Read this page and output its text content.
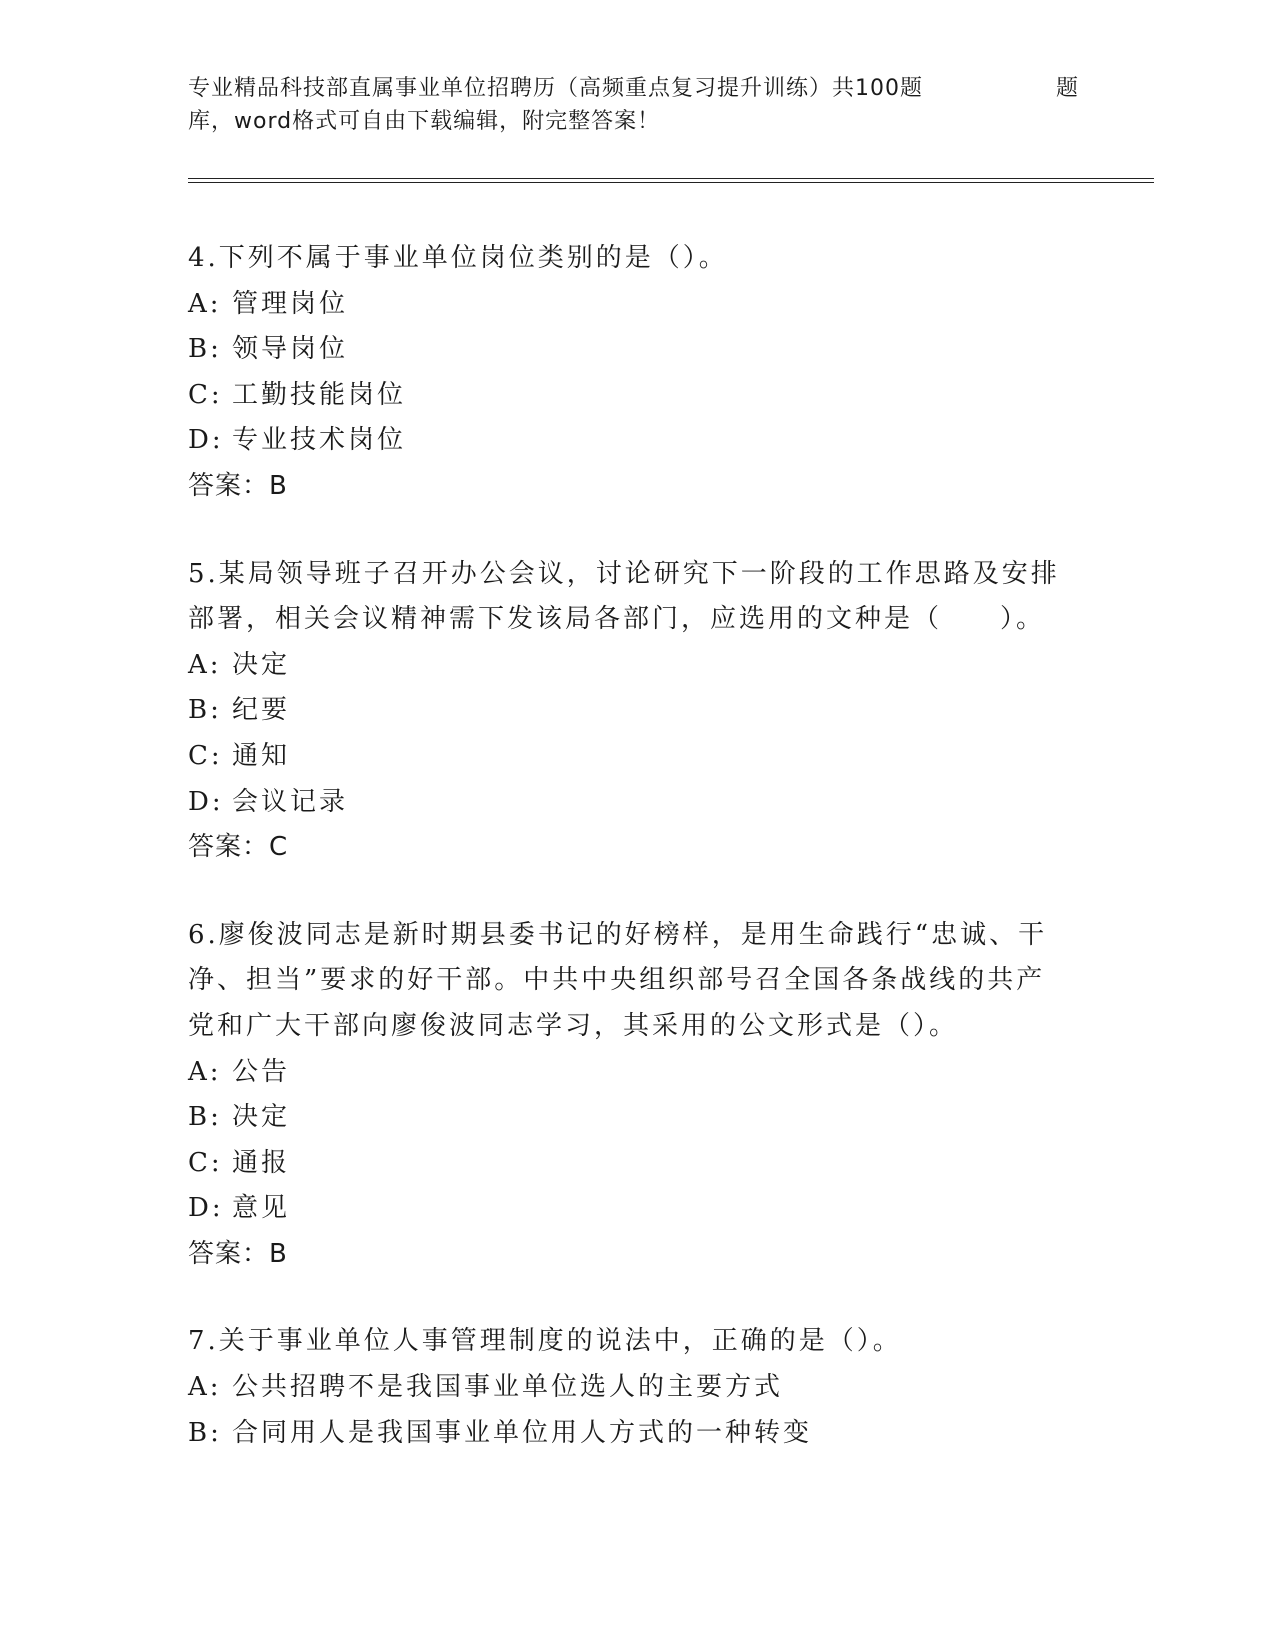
专业精品科技部直属事业单位招聘历（高频重点复习提升训练）共100题	题
库，word格式可自由下载编辑，附完整答案！
4.下列不属于事业单位岗位类别的是（）。
A: 管理岗位
B: 领导岗位
C: 工勤技能岗位
D: 专业技术岗位
答案：B
5.某局领导班子召开办公会议，讨论研究下一阶段的工作思路及安排
部署，相关会议精神需下发该局各部门，应选用的文种是（　　）。
A: 决定
B: 纪要
C: 通知
D: 会议记录
答案：C
6.廖俊波同志是新时期县委书记的好榜样，是用生命践行“忠诚、干
净、担当”要求的好干部。中共中央组织部号召全国各条战线的共产
党和广大干部向廖俊波同志学习，其采用的公文形式是（）。
A: 公告
B: 决定
C: 通报
D: 意见
答案：B
7.关于事业单位人事管理制度的说法中，正确的是（）。
A: 公共招聘不是我国事业单位选人的主要方式
B: 合同用人是我国事业单位用人方式的一种转变
